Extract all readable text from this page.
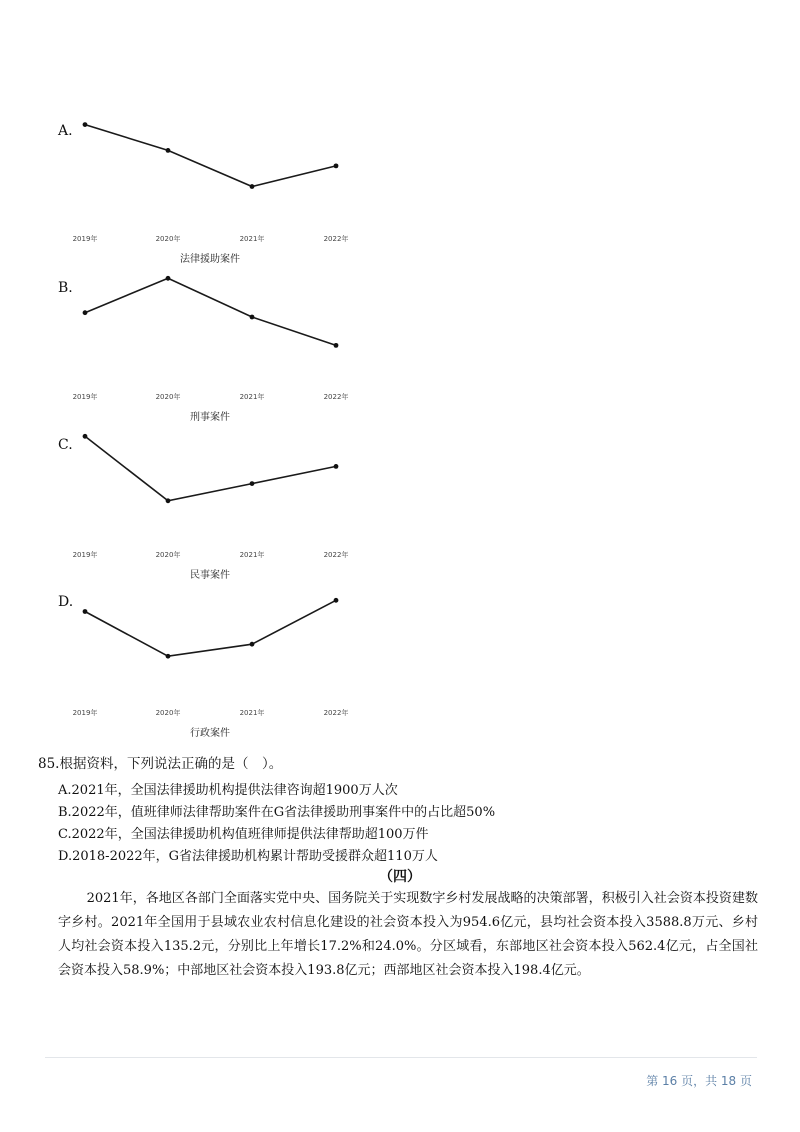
A.
2019年	2020年	2021年	2022年
法律援助案件
B.
2019年	2020年	2021年	2022年
刑事案件
C.
2019年	2020年	2021年	2022年
民事案件
D.
2019年	2020年	2021年	2022年
行政案件
85.根据资料，下列说法正确的是（　）。
A.2021年，全国法律援助机构提供法律咨询超1900万人次
B.2022年，值班律师法律帮助案件在G省法律援助刑事案件中的占比超50%
C.2022年，全国法律援助机构值班律师提供法律帮助超100万件
D.2018-2022年，G省法律援助机构累计帮助受援群众超110万人
（四）
2021年，各地区各部门全面落实党中央、国务院关于实现数字乡村发展战略的决策部署，积极引入社会资本投资建数字乡村。2021年全国用于县域农业农村信息化建设的社会资本投入为954.6亿元，县均社会资本投入3588.8万元、乡村人均社会资本投入135.2元，分别比上年增长17.2%和24.0%。分区域看，东部地区社会资本投入562.4亿元，占全国社会资本投入58.9%；中部地区社会资本投入193.8亿元；西部地区社会资本投入198.4亿元。
第 16 页，共 18 页
